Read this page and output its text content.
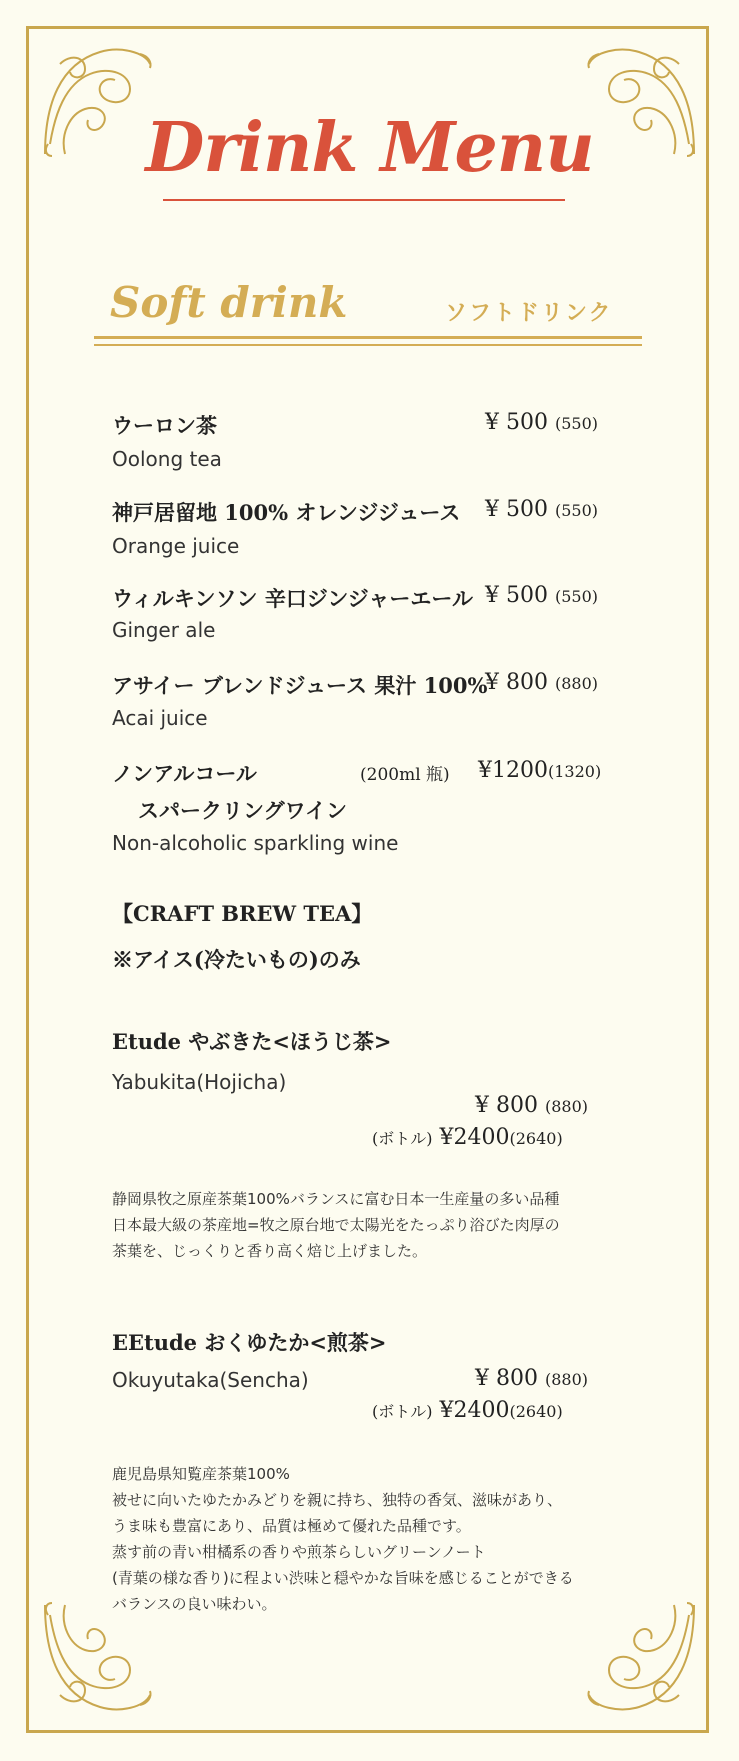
Drink Menu
Soft drink	ソフトドリンク
ウーロン茶
Oolong tea
¥ 500 (550)
神戸居留地 100% オレンジジュース
Orange juice
¥ 500 (550)
ウィルキンソン 辛口ジンジャーエール
Ginger ale
¥ 500 (550)
アサイー ブレンドジュース 果汁 100%
Acai juice
¥ 800 (880)
ノンアルコール
スパークリングワイン
(200ml 瓶) ¥1200(1320)
Non-alcoholic sparkling wine
【CRAFT BREW TEA】
※アイス(冷たいもの)のみ
Etude やぶきた<ほうじ茶>
Yabukita(Hojicha)
¥ 800 (880)
(ボトル) ¥2400(2640)
静岡県牧之原産茶葉100%バランスに富む日本一生産量の多い品種
日本最大級の茶産地=牧之原台地で太陽光をたっぷり浴びた肉厚の
茶葉を、じっくりと香り高く焙じ上げました。
EEtude おくゆたか<煎茶>
Okuyutaka(Sencha)	¥ 800 (880)
(ボトル) ¥2400(2640)
鹿児島県知覧産茶葉100%
被せに向いたゆたかみどりを親に持ち、独特の香気、滋味があり、
うま味も豊富にあり、品質は極めて優れた品種です。
蒸す前の青い柑橘系の香りや煎茶らしいグリーンノート
(青葉の様な香り)に程よい渋味と穏やかな旨味を感じることができる
バランスの良い味わい。
